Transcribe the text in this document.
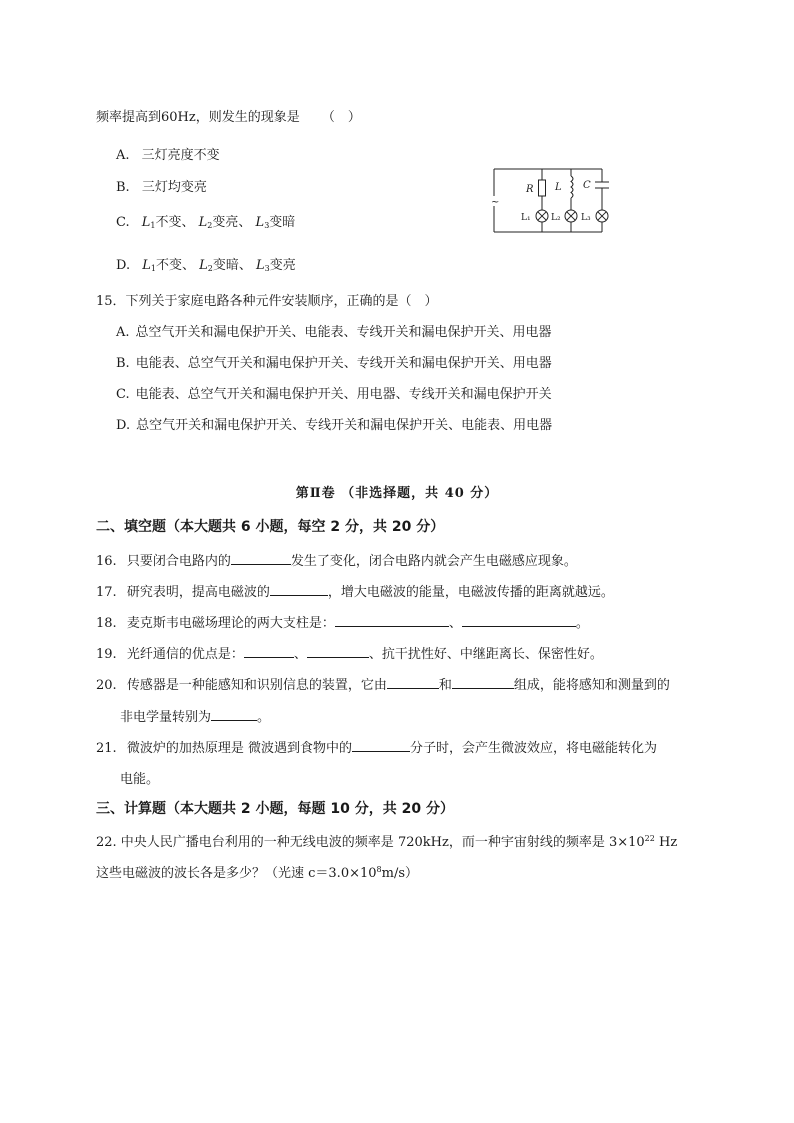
频率提高到60Hz，则发生的现象是 （　）
A. 三灯亮度不变
B. 三灯均变亮
C. $L_1$不变、 $L_2$变亮、 $L_3$变暗
D. $L_1$不变、 $L_2$变暗、 $L_3$变亮
~
R L C
L₁ L₂ L₃
15．下列关于家庭电路各种元件安装顺序，正确的是（　）
A. 总空气开关和漏电保护开关、电能表、专线开关和漏电保护开关、用电器
B. 电能表、总空气开关和漏电保护开关、专线开关和漏电保护开关、用电器
C. 电能表、总空气开关和漏电保护开关、用电器、专线开关和漏电保护开关
D. 总空气开关和漏电保护开关、专线开关和漏电保护开关、电能表、用电器
第Ⅱ卷 （非选择题，共 40 分）
二、填空题（本大题共 6 小题，每空 2 分，共 20 分）
16. 只要闭合电路内的	发生了变化，闭合电路内就会产生电磁感应现象。
17. 研究表明，提高电磁波的	，增大电磁波的能量，电磁波传播的距离就越远。
18. 麦克斯韦电磁场理论的两大支柱是：	、	。
19. 光纤通信的优点是：	、	、抗干扰性好、中继距离长、保密性好。
20. 传感器是一种能感知和识别信息的装置，它由	和	组成，能将感知和测量到的
非电学量转别为	。
21. 微波炉的加热原理是 微波遇到食物中的	分子时，会产生微波效应，将电磁能转化为
电能。
三、计算题（本大题共 2 小题，每题 10 分，共 20 分）
22. 中央人民广播电台利用的一种无线电波的频率是 720kHz，而一种宇宙射线的频率是 $3\times 10^{22}$ Hz
这些电磁波的波长各是多少？（光速 $c=3.0\times 10^8m/s$）
